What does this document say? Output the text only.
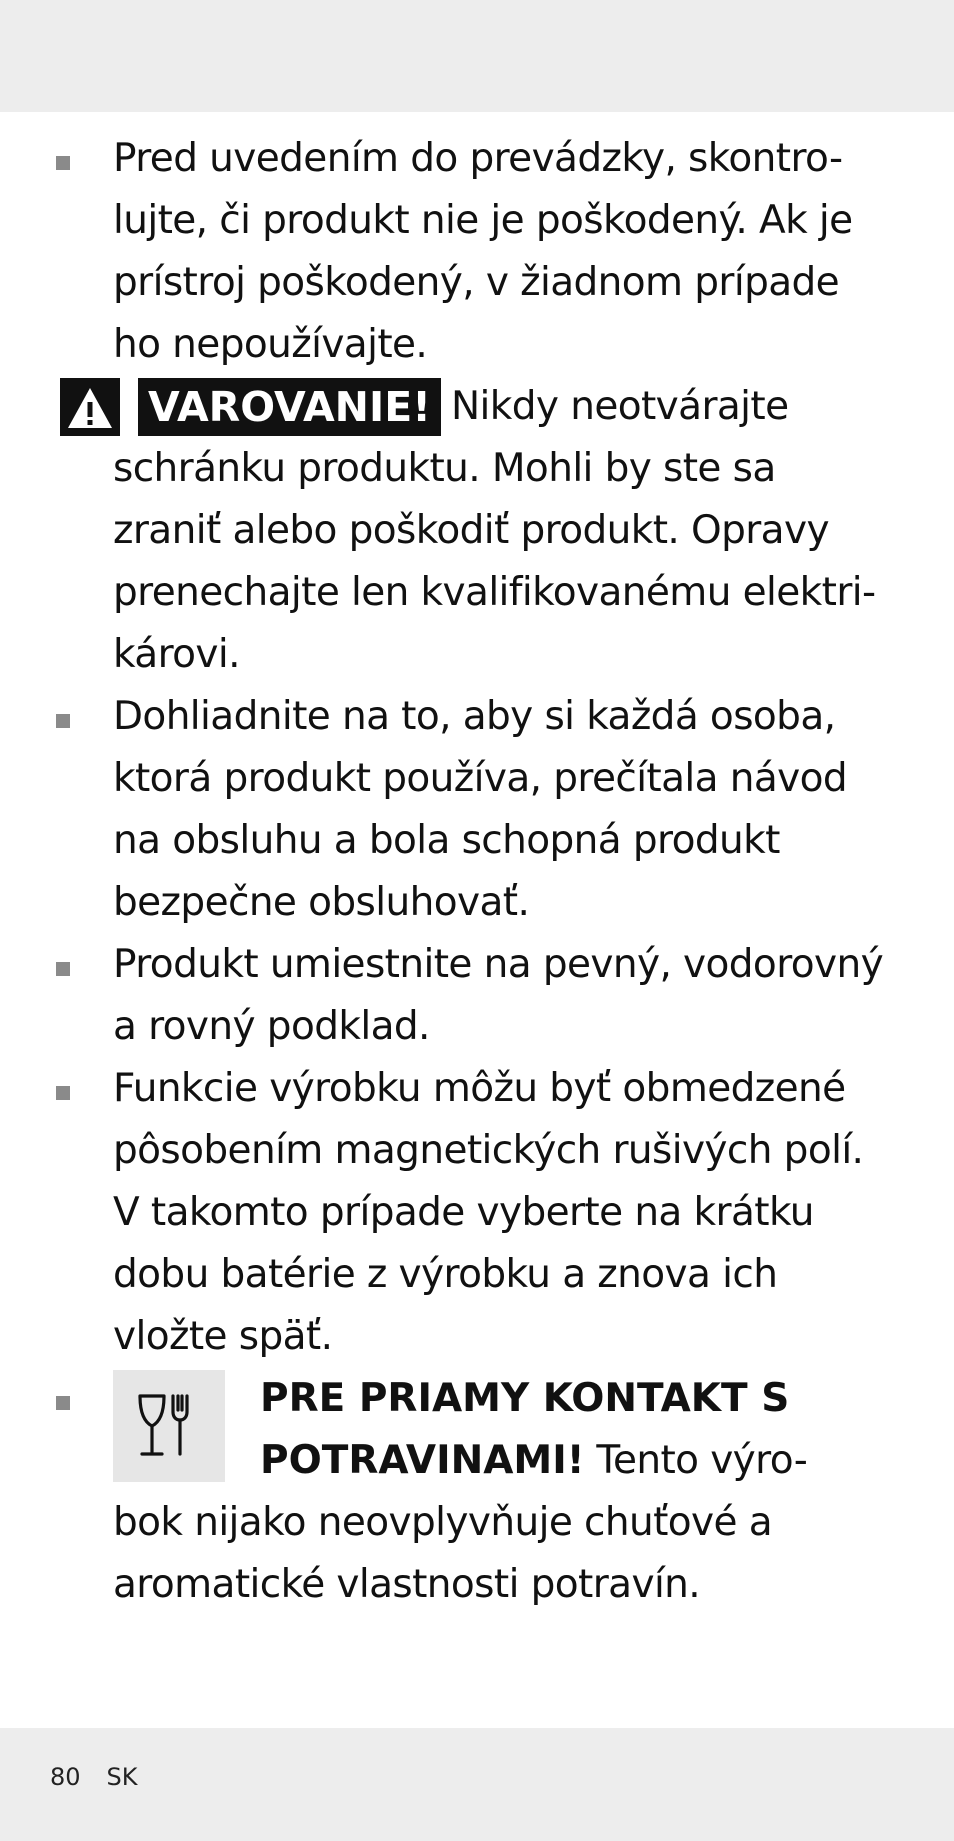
Pred uvedením do prevádzky, skontro-
lujte, či produkt nie je poškodený. Ak je
prístroj poškodený, v žiadnom prípade
ho nepoužívajte.
VAROVANIE! Nikdy neotvárajte
schránku produktu. Mohli by ste sa
zraniť alebo poškodiť produkt. Opravy
prenechajte len kvalifikovanému elektri-
károvi.
Dohliadnite na to, aby si každá osoba,
ktorá produkt používa, prečítala návod
na obsluhu a bola schopná produkt
bezpečne obsluhovať.
Produkt umiestnite na pevný, vodorovný
a rovný podklad.
Funkcie výrobku môžu byť obmedzené
pôsobením magnetických rušivých polí.
V takomto prípade vyberte na krátku
dobu batérie z výrobku a znova ich
vložte späť.
PRE PRIAMY KONTAKT S
POTRAVINAMI! Tento výro-
bok nijako neovplyvňuje chuťové a
aromatické vlastnosti potravín.
80 SK
